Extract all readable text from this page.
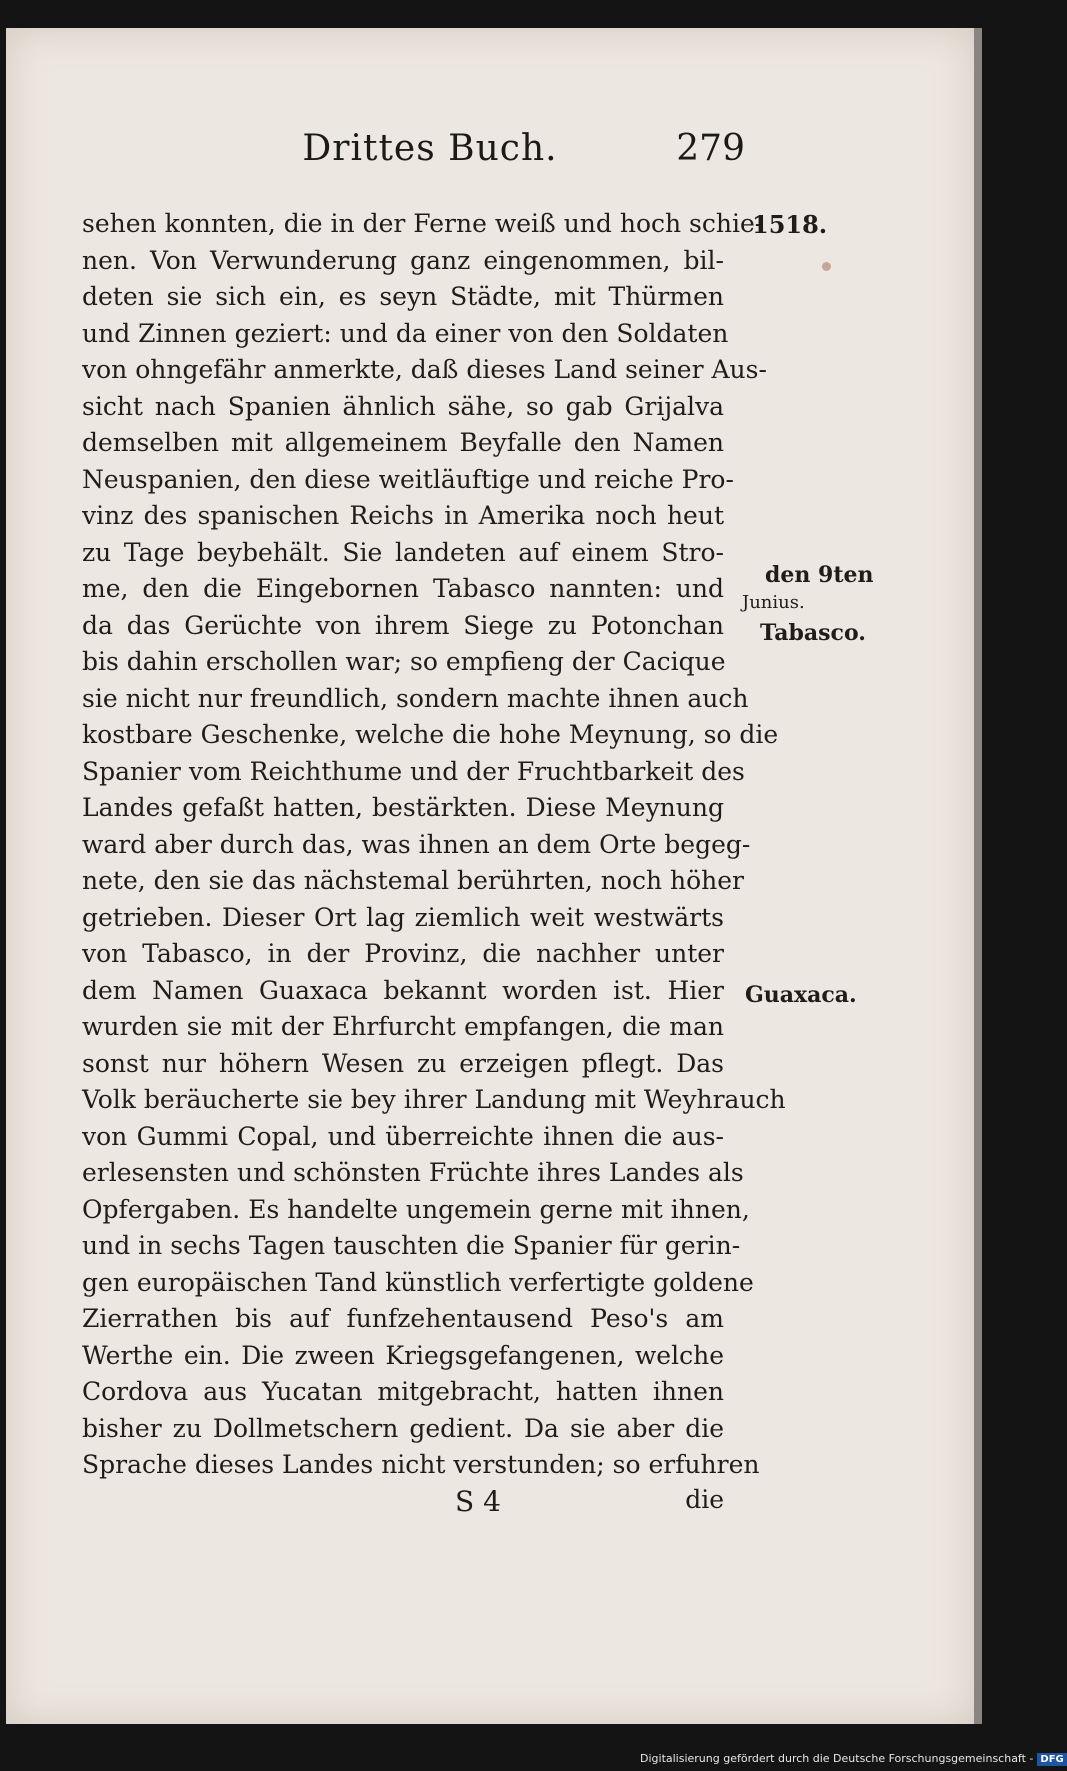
Drittes Buch.	279
1518.
den 9ten
Junius.
Tabasco.
Guaxaca.
sehen konnten, die in der Ferne weiß und hoch schie-
nen. Von Verwunderung ganz eingenommen, bil-
deten sie sich ein, es seyn Städte, mit Thürmen
und Zinnen geziert: und da einer von den Soldaten
von ohngefähr anmerkte, daß dieses Land seiner Aus-
sicht nach Spanien ähnlich sähe, so gab Grijalva
demselben mit allgemeinem Beyfalle den Namen
Neuspanien, den diese weitläuftige und reiche Pro-
vinz des spanischen Reichs in Amerika noch heut
zu Tage beybehält. Sie landeten auf einem Stro-
me, den die Eingebornen Tabasco nannten: und
da das Gerüchte von ihrem Siege zu Potonchan
bis dahin erschollen war; so empfieng der Cacique
sie nicht nur freundlich, sondern machte ihnen auch
kostbare Geschenke, welche die hohe Meynung, so die
Spanier vom Reichthume und der Fruchtbarkeit des
Landes gefaßt hatten, bestärkten. Diese Meynung
ward aber durch das, was ihnen an dem Orte begeg-
nete, den sie das nächstemal berührten, noch höher
getrieben. Dieser Ort lag ziemlich weit westwärts
von Tabasco, in der Provinz, die nachher unter
dem Namen Guaxaca bekannt worden ist. Hier
wurden sie mit der Ehrfurcht empfangen, die man
sonst nur höhern Wesen zu erzeigen pflegt. Das
Volk beräucherte sie bey ihrer Landung mit Weyhrauch
von Gummi Copal, und überreichte ihnen die aus-
erlesensten und schönsten Früchte ihres Landes als
Opfergaben. Es handelte ungemein gerne mit ihnen,
und in sechs Tagen tauschten die Spanier für gerin-
gen europäischen Tand künstlich verfertigte goldene
Zierrathen bis auf funfzehentausend Peso's am
Werthe ein. Die zween Kriegsgefangenen, welche
Cordova aus Yucatan mitgebracht, hatten ihnen
bisher zu Dollmetschern gedient. Da sie aber die
Sprache dieses Landes nicht verstunden; so erfuhren
S 4	die
Digitalisierung gefördert durch die Deutsche Forschungsgemeinschaft - DFG
